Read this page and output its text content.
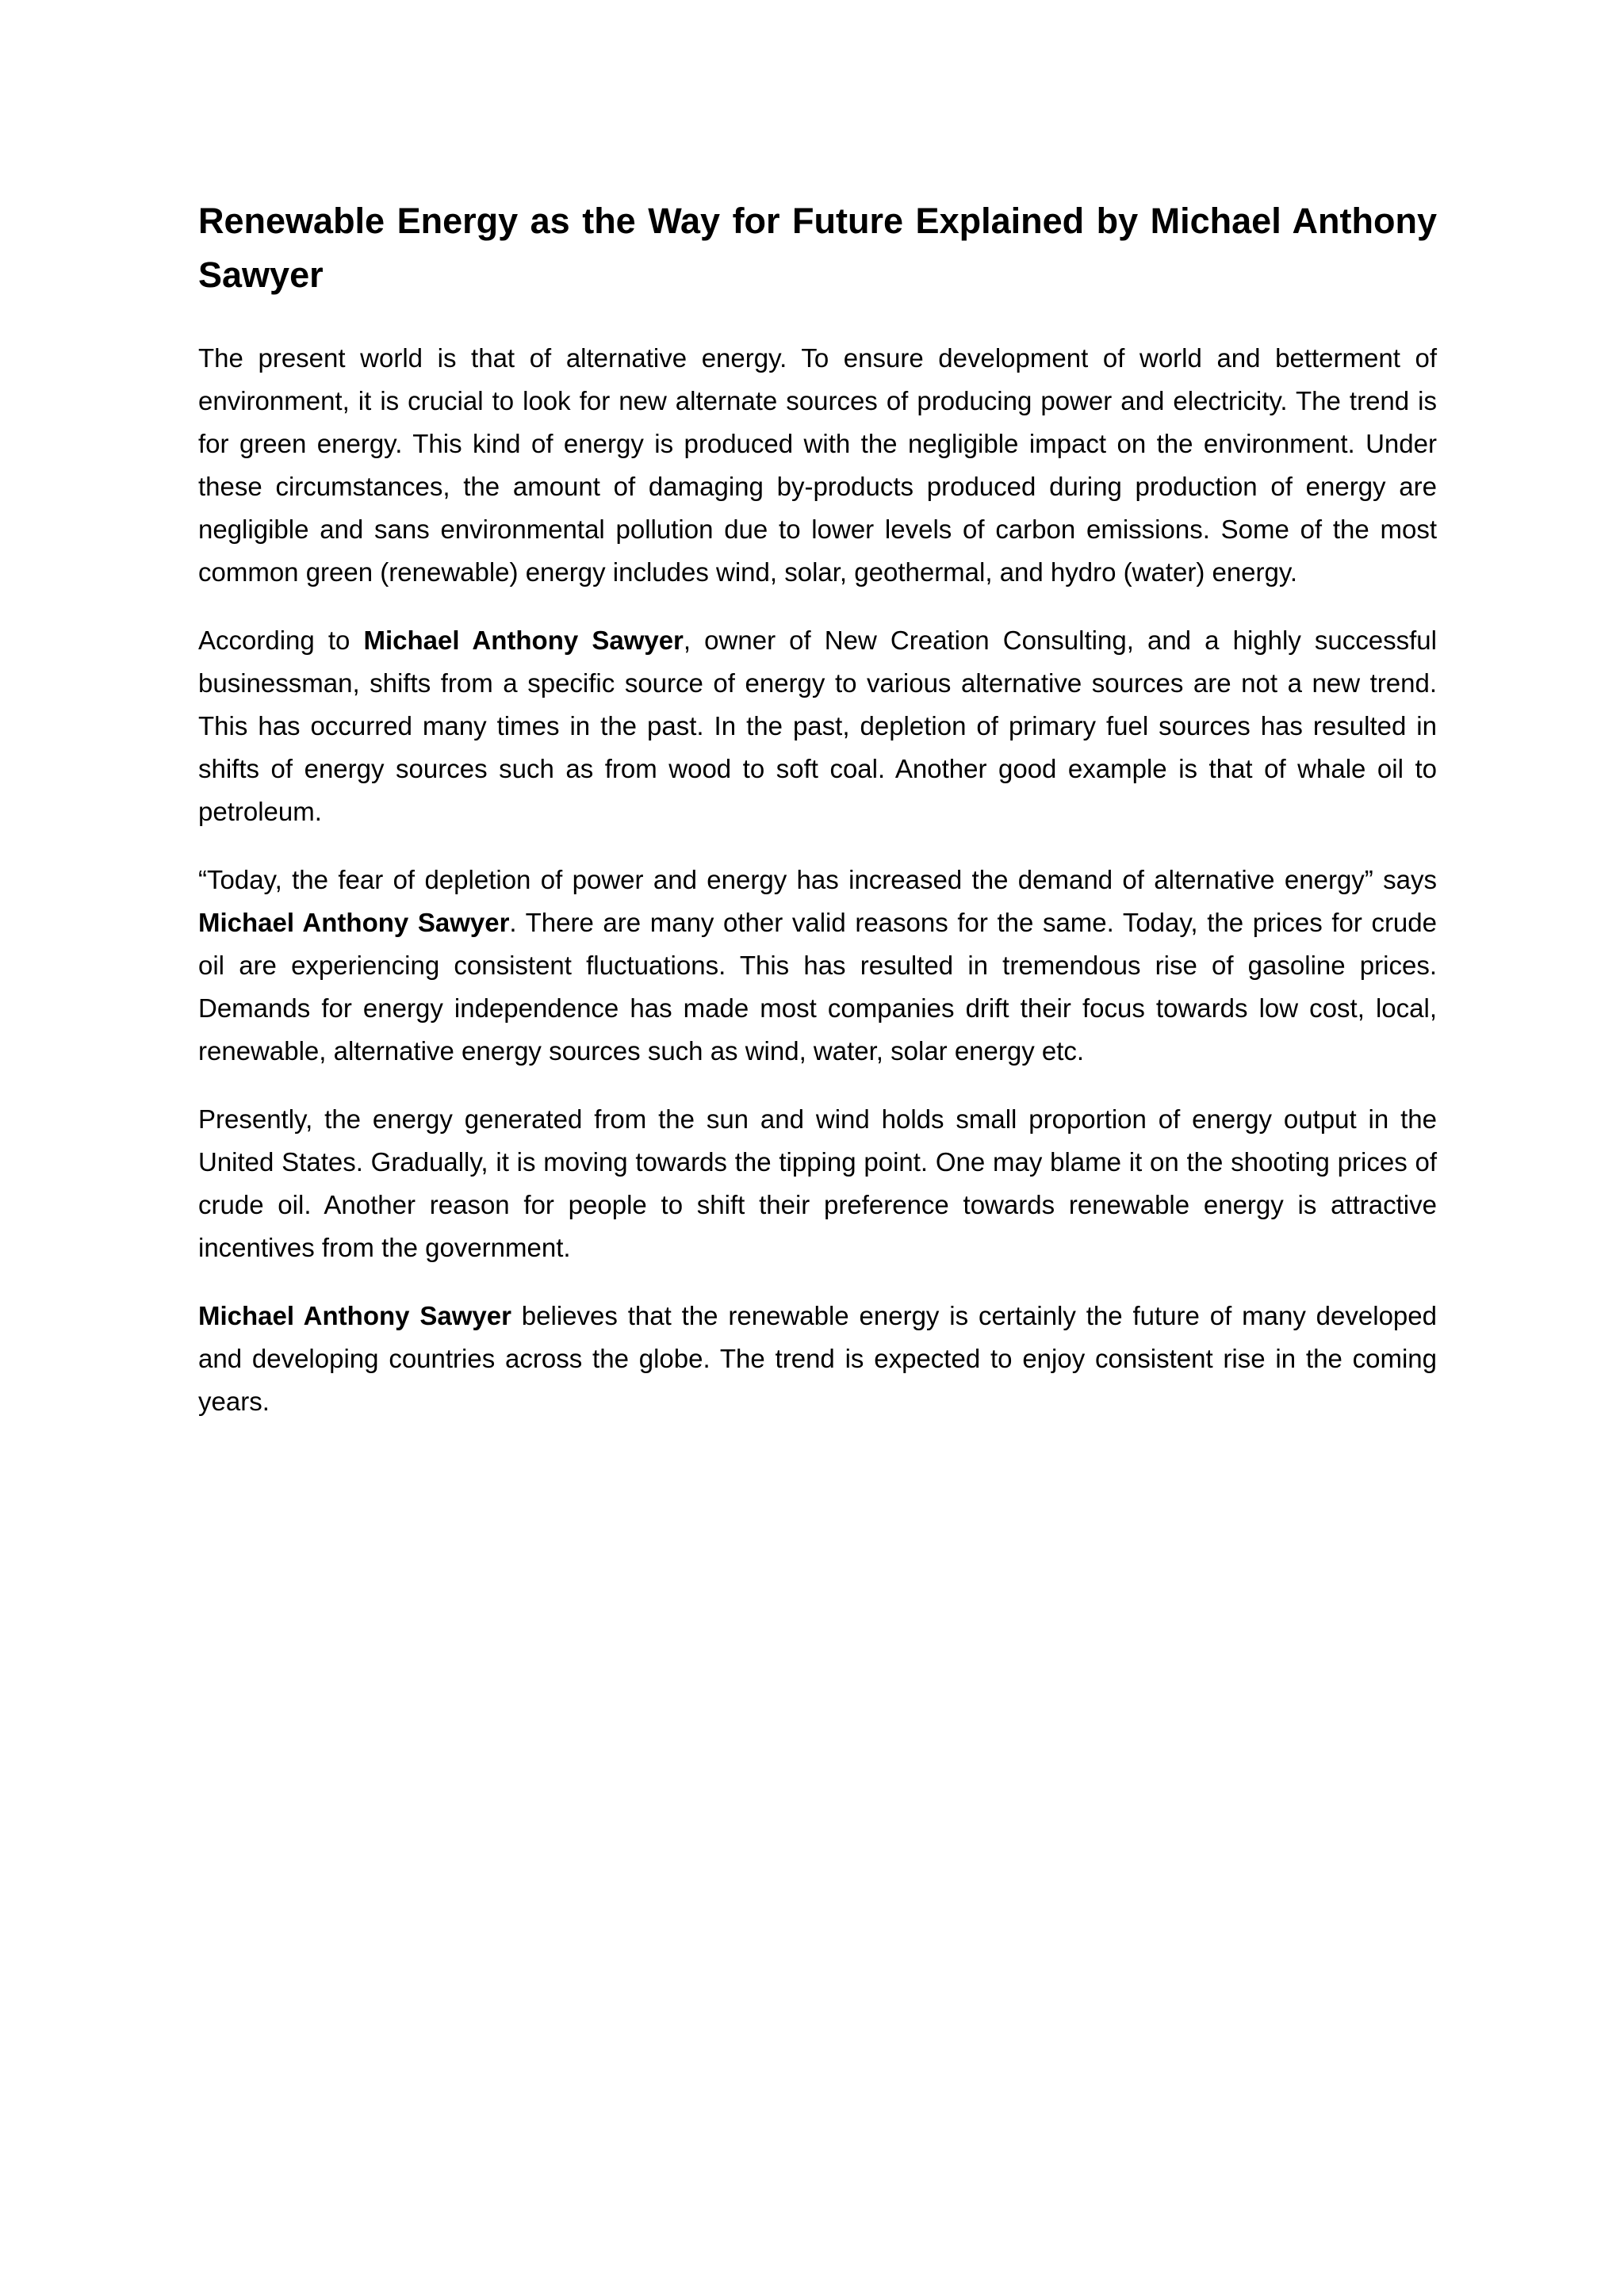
Renewable Energy as the Way for Future Explained by Michael Anthony Sawyer

The present world is that of alternative energy. To ensure development of world and betterment of environment, it is crucial to look for new alternate sources of producing power and electricity. The trend is for green energy. This kind of energy is produced with the negligible impact on the environment. Under these circumstances, the amount of damaging by-products produced during production of energy are negligible and sans environmental pollution due to lower levels of carbon emissions. Some of the most common green (renewable) energy includes wind, solar, geothermal, and hydro (water) energy.

According to Michael Anthony Sawyer, owner of New Creation Consulting, and a highly successful businessman, shifts from a specific source of energy to various alternative sources are not a new trend. This has occurred many times in the past. In the past, depletion of primary fuel sources has resulted in shifts of energy sources such as from wood to soft coal. Another good example is that of whale oil to petroleum.

“Today, the fear of depletion of power and energy has increased the demand of alternative energy” says Michael Anthony Sawyer. There are many other valid reasons for the same. Today, the prices for crude oil are experiencing consistent fluctuations. This has resulted in tremendous rise of gasoline prices. Demands for energy independence has made most companies drift their focus towards low cost, local, renewable, alternative energy sources such as wind, water, solar energy etc.

Presently, the energy generated from the sun and wind holds small proportion of energy output in the United States. Gradually, it is moving towards the tipping point. One may blame it on the shooting prices of crude oil. Another reason for people to shift their preference towards renewable energy is attractive incentives from the government.

Michael Anthony Sawyer believes that the renewable energy is certainly the future of many developed and developing countries across the globe. The trend is expected to enjoy consistent rise in the coming years.
